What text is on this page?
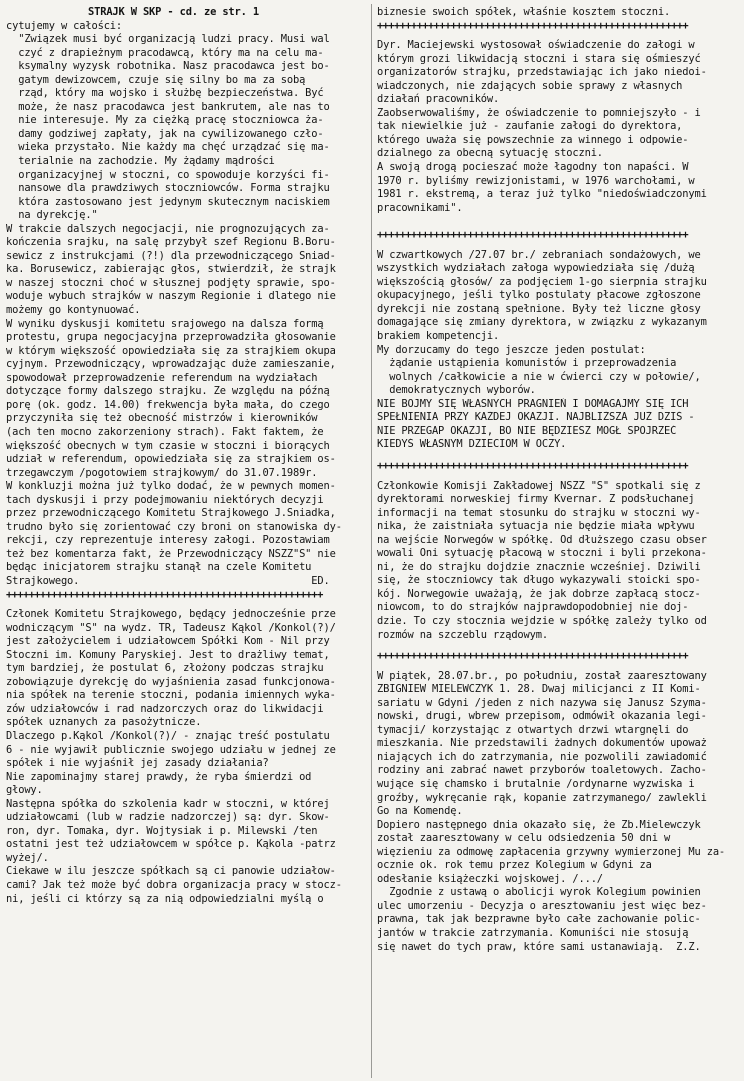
STRAJK W SKP - cd. ze str. 1
cytujemy w całości:
"Związek musi być organizacją ludzi pracy. Musi wal
czyć z drapieżnym pracodawcą, który ma na celu ma-
ksymalny wyzysk robotnika. Nasz pracodawca jest bo-
gatym dewizowcem, czuje się silny bo ma za sobą
rząd, który ma wojsko i służbę bezpieczeństwa. Być
może, że nasz pracodawca jest bankrutem, ale nas to
nie interesuje. My za ciężką pracę stoczniowca ża-
damy godziwej zapłaty, jak na cywilizowanego czło-
wieka przystało. Nie każdy ma chęć urządzać się ma-
terialnie na zachodzie. My żądamy mądrości
organizacyjnej w stoczni, co spowoduje korzyści fi-
nansowe dla prawdziwych stoczniowców. Forma strajku
która zastosowano jest jedynym skutecznym naciskiem
na dyrekcję."
W trakcie dalszych negocjacji, nie prognozujących za-
kończenia srajku, na salę przybył szef Regionu B.Boru-
sewicz z instrukcjami (?!) dla przewodniczącego Sniad-
ka. Borusewicz, zabierając głos, stwierdził, że strajk
w naszej stoczni choć w słusznej podjęty sprawie, spo-
woduje wybuch strajków w naszym Regionie i dlatego nie
możemy go kontynuować.
W wyniku dyskusji komitetu srajowego na dalsza formą
protestu, grupa negocjacyjna przeprowadziła głosowanie
w którym większość opowiedziała się za strajkiem okupa
cyjnym. Przewodniczący, wprowadzając duże zamieszanie,
spowodował przeprowadzenie referendum na wydziałach
dotyczące formy dalszego strajku. Ze względu na późną
porę (ok. godz. 14.00) frekwencja była mała, do czego
przyczyniła się też obecność mistrzów i kierowników
(ach ten mocno zakorzeniony strach). Fakt faktem, że
większość obecnych w tym czasie w stoczni i biorących
udział w referendum, opowiedziała się za strajkiem os-
trzegawczym /pogotowiem strajkowym/ do 31.07.1989r.
W konkluzji można już tylko dodać, że w pewnych momen-
tach dyskusji i przy podejmowaniu niektórych decyzji
przez przewodniczącego Komitetu Strajkowego J.Sniadka,
trudno było się zorientować czy broni on stanowiska dy-
rekcji, czy reprezentuje interesy załogi. Pozostawiam
też bez komentarza fakt, że Przewodniczący NSZZ"S" nie
będąc inicjatorem strajku stanął na czele Komitetu
Strajkowego.                                      ED.
++++++++++++++++++++++++++++++++++++++++++++++++++++++++
Członek Komitetu Strajkowego, będący jednocześnie prze
wodniczącym "S" na wydz. TR, Tadeusz Kąkol /Konkol(?)/
jest założycielem i udziałowcem Spółki Kom - Nil przy
Stoczni im. Komuny Paryskiej. Jest to drażliwy temat,
tym bardziej, że postulat 6, złożony podczas strajku
zobowiązuje dyrekcję do wyjaśnienia zasad funkcjonowa-
nia spółek na terenie stoczni, podania imiennych wyka-
zów udziałowców i rad nadzorczych oraz do likwidacji
spółek uznanych za pasożytnicze.
Dlaczego p.Kąkol /Konkol(?)/ - znając treść postulatu
6 - nie wyjawił publicznie swojego udziału w jednej ze
spółek i nie wyjaśnił jej zasady działania?
Nie zapominajmy starej prawdy, że ryba śmierdzi od
głowy.
Następna spółka do szkolenia kadr w stoczni, w której
udziałowcami (lub w radzie nadzorczej) są: dyr. Skow-
ron, dyr. Tomaka, dyr. Wojtysiak i p. Milewski /ten
ostatni jest też udziałowcem w spółce p. Kąkola -patrz
wyżej/.
Ciekawe w ilu jeszcze spółkach są ci panowie udziałow-
cami? Jak też może być dobra organizacja pracy w stocz-
ni, jeśli ci którzy są za nią odpowiedzialni myślą o
biznesie swoich spółek, właśnie kosztem stoczni.
+++++++++++++++++++++++++++++++++++++++++++++++++++++++
Dyr. Maciejewski wystosował oświadczenie do załogi w
którym grozi likwidacją stoczni i stara się ośmieszyć
organizatorów strajku, przedstawiając ich jako niedoi-
wiadczonych, nie zdających sobie sprawy z własnych
działań pracowników.
Zaobserwowaliśmy, że oświadczenie to pomniejszyło - i
tak niewielkie już - zaufanie załogi do dyrektora,
którego uważa się powszechnie za winnego i odpowie-
dzialnego za obecną sytuację stoczni.
A swoją drogą pocieszać może łagodny ton napaści. W
1970 r. byliśmy rewizjonistami, w 1976 warchołami, w
1981 r. ekstremą, a teraz już tylko "niedoświadczonymi
pracownikami".
+++++++++++++++++++++++++++++++++++++++++++++++++++++++
W czwartkowych /27.07 br./ zebraniach sondażowych, we
wszystkich wydziałach załoga wypowiedziała się /dużą
większością głosów/ za podjęciem 1-go sierpnia strajku
okupacyjnego, jeśli tylko postulaty płacowe zgłoszone
dyrekcji nie zostaną spełnione. Były też liczne głosy
domagające się zmiany dyrektora, w związku z wykazanym
brakiem kompetencji.
My dorzucamy do tego jeszcze jeden postulat:
żądanie ustąpienia komunistów i przeprowadzenia
wolnych /całkowicie a nie w ćwierci czy w połowie/,
demokratycznych wyborów.
NIE BOJMY SIĘ WŁASNYCH PRAGNIEŃ I DOMAGAJMY SIĘ ICH
SPEŁNIENIA PRZY KAŻDEJ OKAZJI. NAJBLIŻSZA JUŻ DZIŚ -
NIE PRZEGAP OKAZJI, BO NIE BĘDZIESZ MOGŁ SPOJRZEĆ
KIEDYŚ WŁASNYM DZIECIOM W OCZY.
+++++++++++++++++++++++++++++++++++++++++++++++++++++++
Członkowie Komisji Zakładowej NSZZ "S" spotkali się z
dyrektorami norweskiej firmy Kvernar. Z podsłuchanej
informacji na temat stosunku do strajku w stoczni wy-
nika, że zaistniała sytuacja nie będzie miała wpływu
na wejście Norwegów w spółkę. Od dłuższego czasu obser
wowali Oni sytuację płacową w stoczni i byli przekona-
ni, że do strajku dojdzie znacznie wcześniej. Dziwili
się, że stoczniowcy tak długo wykazywali stoicki spo-
kój. Norwegowie uważają, że jak dobrze zapłacą stocz-
niowcom, to do strajków najprawdopodobniej nie doj-
dzie. To czy stocznia wejdzie w spółkę zależy tylko od
rozmów na szczeblu rządowym.
+++++++++++++++++++++++++++++++++++++++++++++++++++++++
W piątek, 28.07.br., po południu, został zaaresztowany
ZBIGNIEW MIELEWCZYK 1. 28. Dwaj milicjanci z II Komi-
sariatu w Gdyni /jeden z nich nazywa się Janusz Szyma-
nowski, drugi, wbrew przepisom, odmówił okazania legi-
tymacji/ korzystając z otwartych drzwi wtargnęli do
mieszkania. Nie przedstawili żadnych dokumentów upoważ
niających ich do zatrzymania, nie pozwolili zawiadomić
rodziny ani zabrać nawet przyborów toaletowych. Zacho-
wujące się chamsko i brutalnie /ordynarne wyzwiska i
groźby, wykręcanie rąk, kopanie zatrzymanego/ zawlekli
Go na Komendę.
Dopiero następnego dnia okazało się, że Zb.Mielewczyk
został zaaresztowany w celu odsiedzenia 50 dni w
więzieniu za odmowę zapłacenia grzywny wymierzonej Mu za-
ocznie ok. rok temu przez Kolegium w Gdyni za
odesłanie książeczki wojskowej. /.../
Zgodnie z ustawą o abolicji wyrok Kolegium powinien
ulec umorzeniu - Decyzja o aresztowaniu jest więc bez-
prawna, tak jak bezprawne było całe zachowanie polic-
jantów w trakcie zatrzymania. Komuniści nie stosują
się nawet do tych praw, które sami ustanawiają.  Z.Z.
